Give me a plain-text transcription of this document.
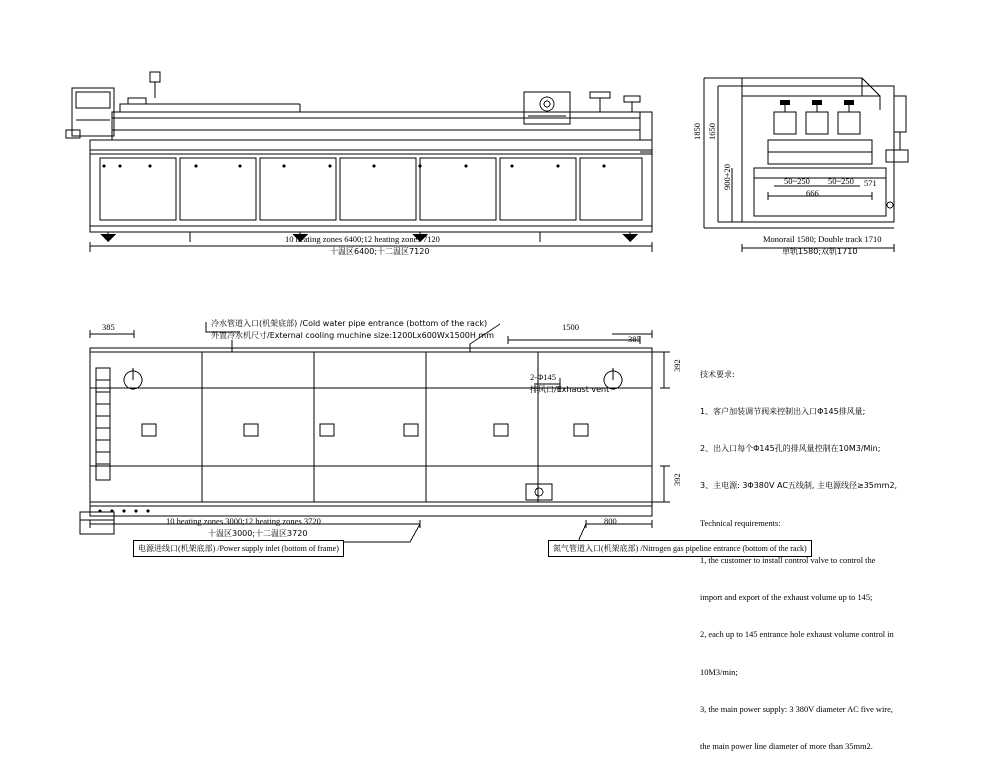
10 heating zones 6400;12 heating zones 7120
十温区6400;十二温区7120
1850 1650
900+20	50~250 50~250
666
571
Monorail 1580; Double track 1710
单轨1580;双轨1710
385	1500
385
392
392
800
10 heating zones 3000;12 heating zones 3720
十温区3000;十二温区3720
冷水管道入口(机架底部) /Cold water pipe entrance (bottom of the rack)
外置冷水机尺寸/External cooling muchine size:1200Lx600Wx1500H mm
2-Φ145
排风口/Exhaust vent
电源进线口(机架底部) /Power supply inlet (bottom of frame)	氮气管道入口(机架底部) /Nitrogen gas pipeline entrance (bottom of the rack)

技术要求:

1、客户加装调节阀来控制出入口Φ145排风量;

2、出入口每个Φ145孔的排风量控制在10M3/Min;

3、主电源: 3Φ380V AC五线制, 主电源线径≥35mm2,

Technical requirements:

1, the customer to install control valve to control the

import and export of the exhaust volume up to 145;

2, each up to 145 entrance hole exhaust volume control in

10M3/min;

3, the main power supply: 3 380V diameter AC five wire,

the main power line diameter of more than 35mm2.
